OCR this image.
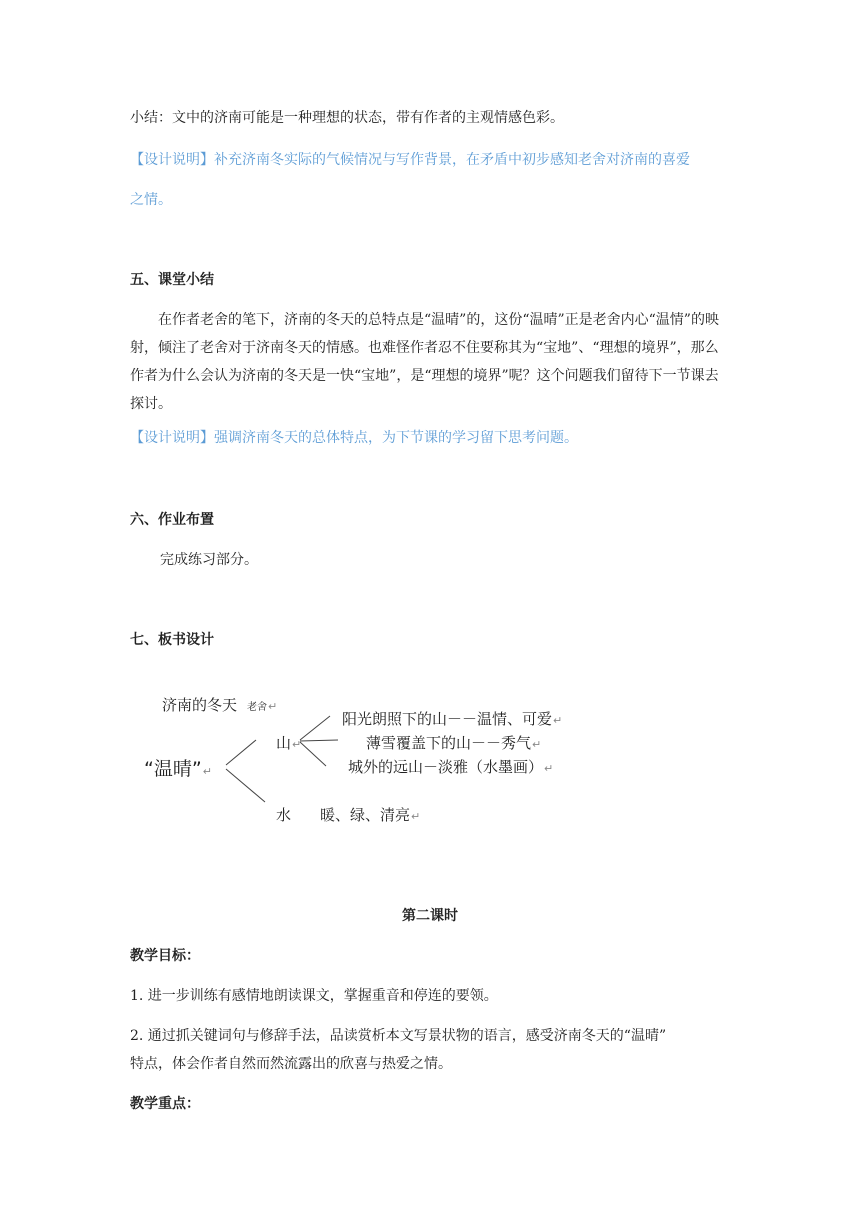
小结：文中的济南可能是一种理想的状态，带有作者的主观情感色彩。
【设计说明】补充济南冬实际的气候情况与写作背景，在矛盾中初步感知老舍对济南的喜爱
之情。
五、课堂小结
在作者老舍的笔下，济南的冬天的总特点是“温晴”的，这份“温晴”正是老舍内心“温情”的映射，倾注了老舍对于济南冬天的情感。也难怪作者忍不住要称其为“宝地”、“理想的境界”，那么作者为什么会认为济南的冬天是一快“宝地”，是“理想的境界”呢？这个问题我们留待下一节课去探讨。
【设计说明】强调济南冬天的总体特点，为下节课的学习留下思考问题。
六、作业布置
完成练习部分。
七、板书设计
济南的冬天 老舍↵
“温晴”↵
山↵
阳光朗照下的山－－温情、可爱↵
薄雪覆盖下的山－－秀气↵
城外的远山－淡雅（水墨画）↵
水 暖、绿、清亮↵
第二课时
教学目标：
1. 进一步训练有感情地朗读课文，掌握重音和停连的要领。
2. 通过抓关键词句与修辞手法，品读赏析本文写景状物的语言，感受济南冬天的“温晴”
特点，体会作者自然而然流露出的欣喜与热爱之情。
教学重点：
